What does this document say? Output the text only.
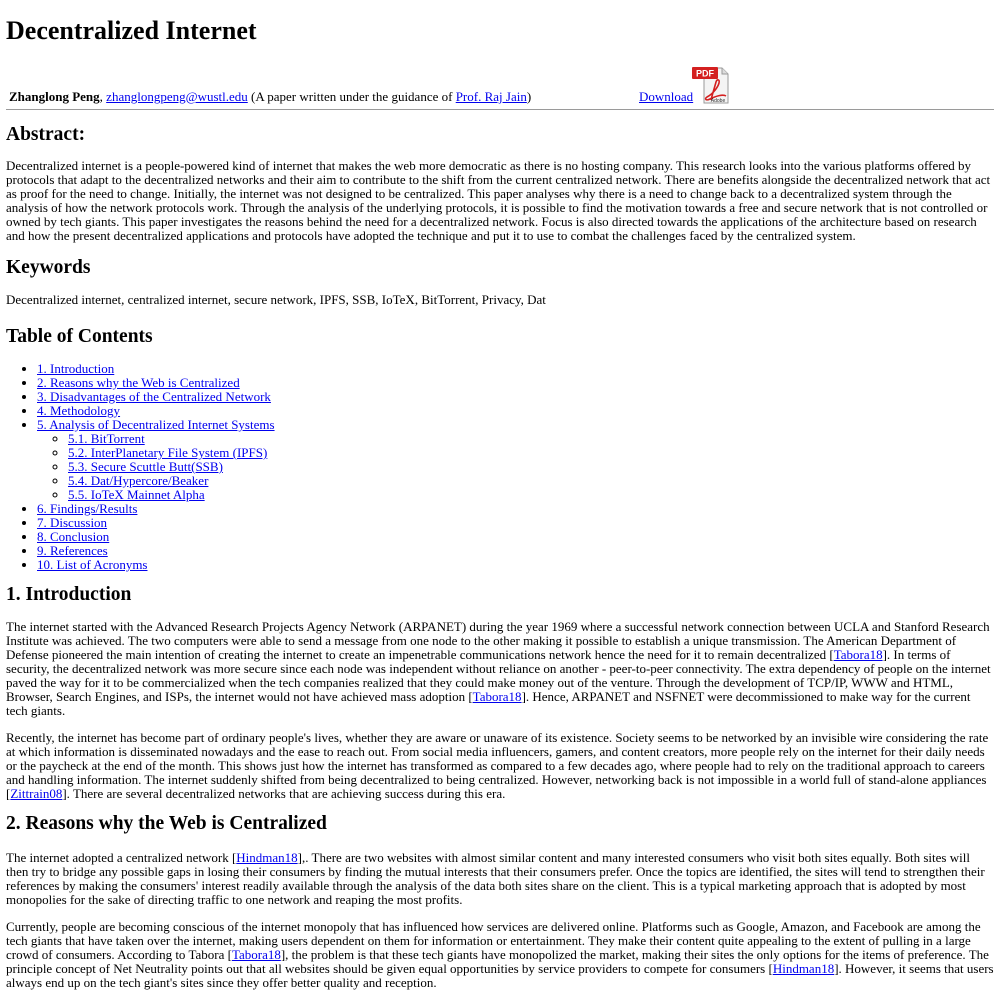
Decentralized Internet
Zhanglong Peng, zhanglongpeng@wustl.edu (A paper written under the guidance of Prof. Raj Jain)	Download
PDF
Adobe
Abstract:

Decentralized internet is a people-powered kind of internet that makes the web more democratic as there is no hosting company. This research looks into the various platforms offered by protocols that adapt to the decentralized networks and their aim to contribute to the shift from the current centralized network. There are benefits alongside the decentralized network that act as proof for the need to change. Initially, the internet was not designed to be centralized. This paper analyses why there is a need to change back to a decentralized system through the analysis of how the network protocols work. Through the analysis of the underlying protocols, it is possible to find the motivation towards a free and secure network that is not controlled or owned by tech giants. This paper investigates the reasons behind the need for a decentralized network. Focus is also directed towards the applications of the architecture based on research and how the present decentralized applications and protocols have adopted the technique and put it to use to combat the challenges faced by the centralized system.

Keywords

Decentralized internet, centralized internet, secure network, IPFS, SSB, IoTeX, BitTorrent, Privacy, Dat

Table of Contents
• 1. Introduction
• 2. Reasons why the Web is Centralized
• 3. Disadvantages of the Centralized Network
• 4. Methodology
• 5. Analysis of Decentralized Internet Systems
◦ 5.1. BitTorrent
◦ 5.2. InterPlanetary File System (IPFS)
◦ 5.3. Secure Scuttle Butt(SSB)
◦ 5.4. Dat/Hypercore/Beaker
◦ 5.5. IoTeX Mainnet Alpha
• 6. Findings/Results
• 7. Discussion
• 8. Conclusion
• 9. References
• 10. List of Acronyms
1. Introduction

The internet started with the Advanced Research Projects Agency Network (ARPANET) during the year 1969 where a successful network connection between UCLA and Stanford Research Institute was achieved. The two computers were able to send a message from one node to the other making it possible to establish a unique transmission. The American Department of Defense pioneered the main intention of creating the internet to create an impenetrable communications network hence the need for it to remain decentralized [Tabora18]. In terms of security, the decentralized network was more secure since each node was independent without reliance on another - peer-to-peer connectivity. The extra dependency of people on the internet paved the way for it to be commercialized when the tech companies realized that they could make money out of the venture. Through the development of TCP/IP, WWW and HTML, Browser, Search Engines, and ISPs, the internet would not have achieved mass adoption [Tabora18]. Hence, ARPANET and NSFNET were decommissioned to make way for the current tech giants.

Recently, the internet has become part of ordinary people's lives, whether they are aware or unaware of its existence. Society seems to be networked by an invisible wire considering the rate at which information is disseminated nowadays and the ease to reach out. From social media influencers, gamers, and content creators, more people rely on the internet for their daily needs or the paycheck at the end of the month. This shows just how the internet has transformed as compared to a few decades ago, where people had to rely on the traditional approach to careers and handling information. The internet suddenly shifted from being decentralized to being centralized. However, networking back is not impossible in a world full of stand-alone appliances [Zittrain08]. There are several decentralized networks that are achieving success during this era.

2. Reasons why the Web is Centralized

The internet adopted a centralized network [Hindman18],. There are two websites with almost similar content and many interested consumers who visit both sites equally. Both sites will then try to bridge any possible gaps in losing their consumers by finding the mutual interests that their consumers prefer. Once the topics are identified, the sites will tend to strengthen their references by making the consumers' interest readily available through the analysis of the data both sites share on the client. This is a typical marketing approach that is adopted by most monopolies for the sake of directing traffic to one network and reaping the most profits.

Currently, people are becoming conscious of the internet monopoly that has influenced how services are delivered online. Platforms such as Google, Amazon, and Facebook are among the tech giants that have taken over the internet, making users dependent on them for information or entertainment. They make their content quite appealing to the extent of pulling in a large crowd of consumers. According to Tabora [Tabora18], the problem is that these tech giants have monopolized the market, making their sites the only options for the items of preference. The principle concept of Net Neutrality points out that all websites should be given equal opportunities by service providers to compete for consumers [Hindman18]. However, it seems that users always end up on the tech giant's sites since they offer better quality and reception.
